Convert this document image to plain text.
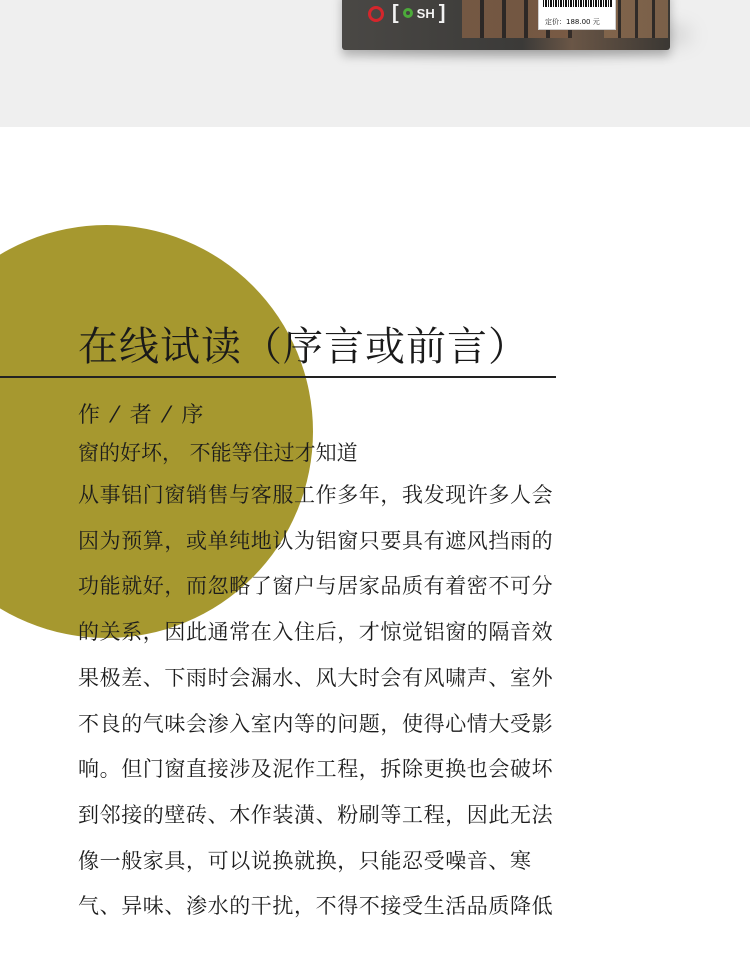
[ SH ]	定价：188.00 元
在线试读（序言或前言）

作 ⁄ 者 ⁄ 序

窗的好坏， 不能等住过才知道

从事铝门窗销售与客服工作多年，我发现许多人会

因为预算，或单纯地认为铝窗只要具有遮风挡雨的

功能就好，而忽略了窗户与居家品质有着密不可分

的关系，因此通常在入住后，才惊觉铝窗的隔音效

果极差、下雨时会漏水、风大时会有风啸声、室外

不良的气味会渗入室内等的问题，使得心情大受影

响。但门窗直接涉及泥作工程，拆除更换也会破坏

到邻接的壁砖、木作装潢、粉刷等工程，因此无法

像一般家具，可以说换就换，只能忍受噪音、寒

气、异味、渗水的干扰，不得不接受生活品质降低
